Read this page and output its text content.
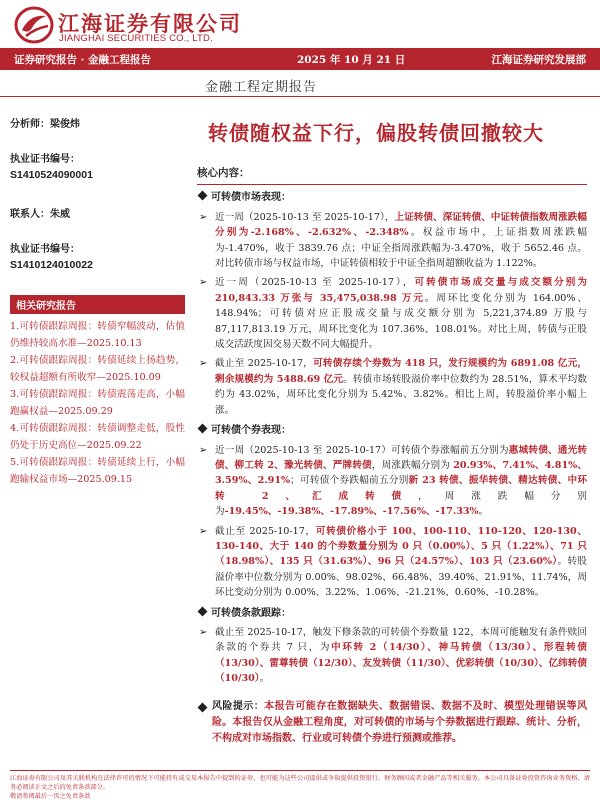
江海证券有限公司
JIANGHAI SECURITIES CO., LTD.
证券研究报告 · 金融工程报告	2025 年 10 月 21 日	江海证券研究发展部
金融工程定期报告
分析师：梁俊炜
执业证书编号：
S1410524090001
联系人：朱威
执业证书编号：
S1410124010022
相关研究报告
1.可转债跟踪周报：转债窄幅波动，估值仍维持较高水准—2025.10.13
2.可转债跟踪周报：转债延续上扬趋势，较权益超额有所收窄—2025.10.09
3.可转债跟踪周报：转债震荡走高，小幅跑赢权益—2025.09.29
4.可转债跟踪周报：转债调整走低，股性仍处于历史高位—2025.09.22
5.可转债跟踪周报：转债延续上行，小幅跑输权益市场—2025.09.15
转债随权益下行，偏股转债回撤较大
核心内容：
可转债市场表现：
➢ 近一周（2025-10-13 至 2025-10-17），上证转债、深证转债、中证转债指数周涨跌幅分别为-2.168%、-2.632%、-2.348%。权益市场中，上证指数周涨跌幅为-1.470%，收于 3839.76 点；中证全指周涨跌幅为-3.470%，收于 5652.46 点。对比转债市场与权益市场，中证转债相较于中证全指周超额收益为 1.122%。
➢ 近一周（2025-10-13 至 2025-10-17），可转债市场成交量与成交额分别为 210,843.33 万张与 35,475,038.98 万元。周环比变化分别为 164.00%、148.94%；可转债对应正股成交量与成交额分别为 5,221,374.89 万股与 87,117,813.19 万元，周环比变化为 107.36%、108.01%。对比上周，转债与正股成交活跃度因交易天数不同大幅提升。
➢ 截止至 2025-10-17，可转债存续个券数为 418 只，发行规模约为 6891.08 亿元，剩余规模约为 5488.69 亿元。转债市场转股溢价率中位数约为 28.51%，算术平均数约为 43.02%，周环比变化分别为 5.42%、3.82%。相比上周，转股溢价率小幅上涨。
可转债个券表现：
➢ 近一周（2025-10-13 至 2025-10-17）可转债个券涨幅前五分别为惠城转债、通光转债、柳工转 2、豫光转债、严牌转债，周涨跌幅分别为 20.93%、7.41%、4.81%、3.59%、2.91%；可转债个券跌幅前五分别新 23 转债、振华转债、精达转债、中环转 2、汇成转债，周涨跌幅分别为-19.45%、-19.38%、-17.89%、-17.56%、-17.33%。
➢ 截止至 2025-10-17，可转债价格小于 100、100-110、110-120、120-130、130-140、大于 140 的个券数量分别为 0 只（0.00%）、5 只（1.22%）、71 只（18.98%）、135 只（31.63%）、96 只（24.57%）、103 只（23.60%）。转股溢价率中位数分别为 0.00%、98.02%、66.48%、39.40%、21.91%、11.74%，周环比变动分别为 0.00%、3.22%、1.06%、-21.21%、0.60%、-10.28%。
可转债条款跟踪：
➢ 截止至 2025-10-17，触发下修条款的可转债个券数量 122，本周可能触发有条件赎回条款的个券共 7 只，为中环转 2（14/30）、神马转债（13/30）、形程转债（13/30）、雷尊转债（12/30）、友发转债（11/30）、优彩转债（10/30）、亿纬转债（10/30）。
风险提示：本报告可能存在数据缺失、数据错误、数据不及时、模型处理错误等风险。本报告仅从金融工程角度，对可转债的市场与个券数据进行跟踪、统计、分析，不构成对市场指数、行业或可转债个券进行预测或推荐。
江海证券有限公司及其关联机构在法律许可的情况下可能持有或交易本报告中提到的证券，也可能为这些公司提供或争取提供投资银行、财务顾问或者金融产品等相关服务。本公司具备证券投资咨询业务资格，请务必阅读正文之后的免责条款部分。
敬请参阅最后一页之免责条款
